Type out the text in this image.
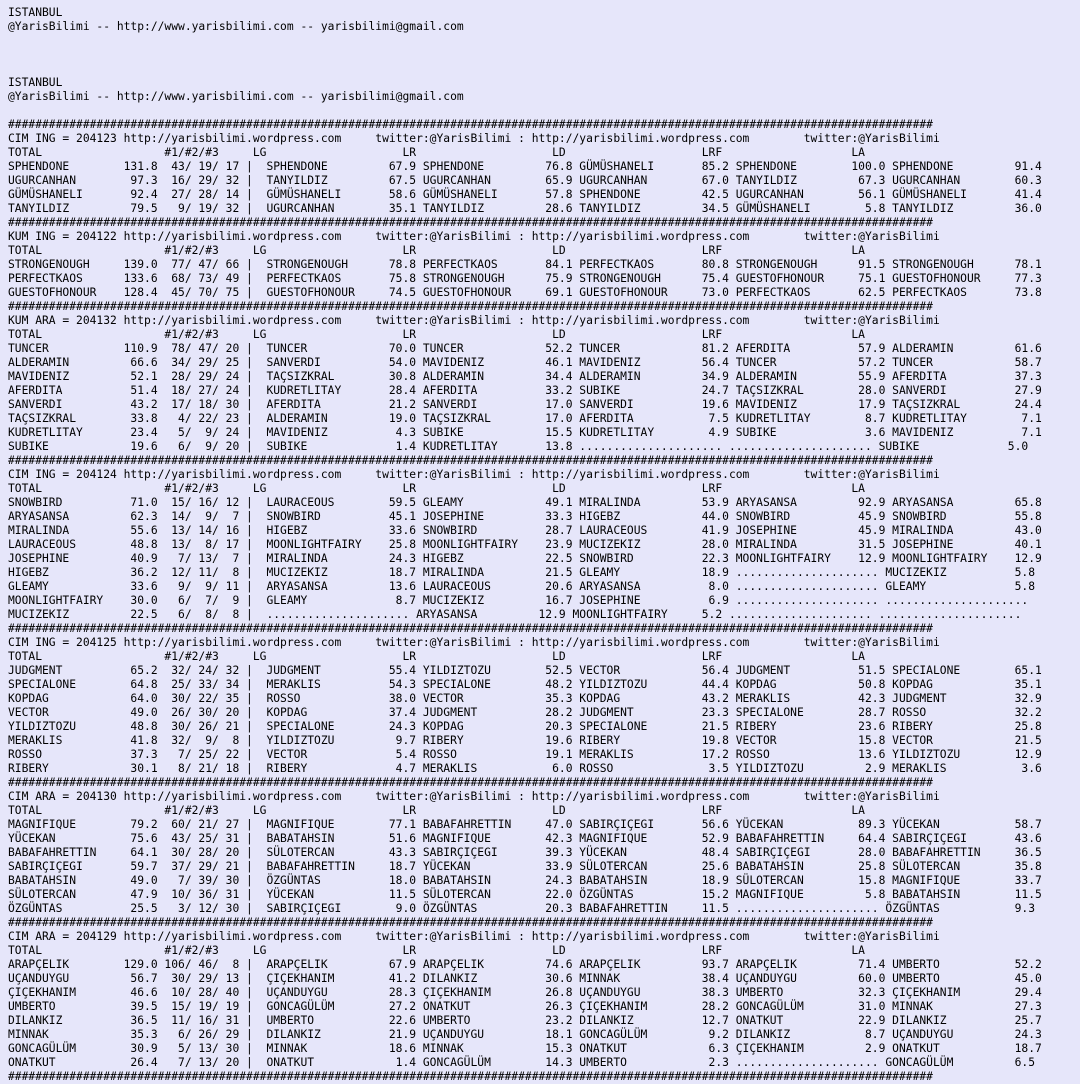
ISTANBUL
@YarisBilimi -- http://www.yarisbilimi.com -- yarisbilimi@gmail.com

ISTANBUL
@YarisBilimi -- http://www.yarisbilimi.com -- yarisbilimi@gmail.com

########################################################################################################################################
CIM ING = 204123 http://yarisbilimi.wordpress.com     twitter:@YarisBilimi : http://yarisbilimi.wordpress.com        twitter:@YarisBilimi
TOTAL                  #1/#2/#3     LG                    LR                    LD                    LRF                   LA
SPHENDONE        131.8  43/ 19/ 17 |  SPHENDONE         67.9 SPHENDONE         76.8 GÜMÜSHANELI       85.2 SPHENDONE        100.0 SPHENDONE         91.4
UGURCANHAN        97.3  16/ 29/ 32 |  TANYILDIZ         67.5 UGURCANHAN        65.9 UGURCANHAN        67.0 TANYILDIZ         67.3 UGURCANHAN        60.3
GÜMÜSHANELI       92.4  27/ 28/ 14 |  GÜMÜSHANELI       58.6 GÜMÜSHANELI       57.8 SPHENDONE         42.5 UGURCANHAN        56.1 GÜMÜSHANELI       41.4
TANYILDIZ         79.5   9/ 19/ 32 |  UGURCANHAN        35.1 TANYILDIZ         28.6 TANYILDIZ         34.5 GÜMÜSHANELI        5.8 TANYILDIZ         36.0
########################################################################################################################################
KUM ING = 204122 http://yarisbilimi.wordpress.com     twitter:@YarisBilimi : http://yarisbilimi.wordpress.com        twitter:@YarisBilimi
TOTAL                  #1/#2/#3     LG                    LR                    LD                    LRF                   LA
STRONGENOUGH     139.0  77/ 47/ 66 |  STRONGENOUGH      78.8 PERFECTKAOS       84.1 PERFECTKAOS       80.8 STRONGENOUGH      91.5 STRONGENOUGH      78.1
PERFECTKAOS      133.6  68/ 73/ 49 |  PERFECTKAOS       75.8 STRONGENOUGH      75.9 STRONGENOUGH      75.4 GUESTOFHONOUR     75.1 GUESTOFHONOUR     77.3
GUESTOFHONOUR    128.4  45/ 70/ 75 |  GUESTOFHONOUR     74.5 GUESTOFHONOUR     69.1 GUESTOFHONOUR     73.0 PERFECTKAOS       62.5 PERFECTKAOS       73.8
########################################################################################################################################
KUM ARA = 204132 http://yarisbilimi.wordpress.com     twitter:@YarisBilimi : http://yarisbilimi.wordpress.com        twitter:@YarisBilimi
TOTAL                  #1/#2/#3     LG                    LR                    LD                    LRF                   LA
TUNCER           110.9  78/ 47/ 20 |  TUNCER            70.0 TUNCER            52.2 TUNCER            81.2 AFERDITA          57.9 ALDERAMIN         61.6
ALDERAMIN         66.6  34/ 29/ 25 |  SANVERDI          54.0 MAVIDENIZ         46.1 MAVIDENIZ         56.4 TUNCER            57.2 TUNCER            58.7
MAVIDENIZ         52.1  28/ 29/ 24 |  TAÇSIZKRAL        30.8 ALDERAMIN         34.4 ALDERAMIN         34.9 ALDERAMIN         55.9 AFERDITA          37.3
AFERDITA          51.4  18/ 27/ 24 |  KUDRETLITAY       28.4 AFERDITA          33.2 SUBIKE            24.7 TAÇSIZKRAL        28.0 SANVERDI          27.9
SANVERDI          43.2  17/ 18/ 30 |  AFERDITA          21.2 SANVERDI          17.0 SANVERDI          19.6 MAVIDENIZ         17.9 TAÇSIZKRAL        24.4
TAÇSIZKRAL        33.8   4/ 22/ 23 |  ALDERAMIN         19.0 TAÇSIZKRAL        17.0 AFERDITA           7.5 KUDRETLITAY        8.7 KUDRETLITAY        7.1
KUDRETLITAY       23.4   5/  9/ 24 |  MAVIDENIZ          4.3 SUBIKE            15.5 KUDRETLITAY        4.9 SUBIKE             3.6 MAVIDENIZ          7.1
SUBIKE            19.6   6/  9/ 20 |  SUBIKE             1.4 KUDRETLITAY       13.8 ..................... ..................... SUBIKE             5.0
########################################################################################################################################
CIM ING = 204124 http://yarisbilimi.wordpress.com     twitter:@YarisBilimi : http://yarisbilimi.wordpress.com        twitter:@YarisBilimi
TOTAL                  #1/#2/#3     LG                    LR                    LD                    LRF                   LA
SNOWBIRD          71.0  15/ 16/ 12 |  LAURACEOUS        59.5 GLEAMY            49.1 MIRALINDA         53.9 ARYASANSA         92.9 ARYASANSA         65.8
ARYASANSA         62.3  14/  9/  7 |  SNOWBIRD          45.1 JOSEPHINE         33.3 HIGEBZ            44.0 SNOWBIRD          45.9 SNOWBIRD          55.8
MIRALINDA         55.6  13/ 14/ 16 |  HIGEBZ            33.6 SNOWBIRD          28.7 LAURACEOUS        41.9 JOSEPHINE         45.9 MIRALINDA         43.0
LAURACEOUS        48.8  13/  8/ 17 |  MOONLIGHTFAIRY    25.8 MOONLIGHTFAIRY    23.9 MUCIZEKIZ         28.0 MIRALINDA         31.5 JOSEPHINE         40.1
JOSEPHINE         40.9   7/ 13/  7 |  MIRALINDA         24.3 HIGEBZ            22.5 SNOWBIRD          22.3 MOONLIGHTFAIRY    12.9 MOONLIGHTFAIRY    12.9
HIGEBZ            36.2  12/ 11/  8 |  MUCIZEKIZ         18.7 MIRALINDA         21.5 GLEAMY            18.9 ..................... MUCIZEKIZ          5.8
GLEAMY            33.6   9/  9/ 11 |  ARYASANSA         13.6 LAURACEOUS        20.6 ARYASANSA          8.0 ..................... GLEAMY             5.8
MOONLIGHTFAIRY    30.0   6/  7/  9 |  GLEAMY             8.7 MUCIZEKIZ         16.7 JOSEPHINE          6.9 ..................... .....................
MUCIZEKIZ         22.5   6/  8/  8 |  ..................... ARYASANSA         12.9 MOONLIGHTFAIRY     5.2 ..................... .....................
########################################################################################################################################
CIM ING = 204125 http://yarisbilimi.wordpress.com     twitter:@YarisBilimi : http://yarisbilimi.wordpress.com        twitter:@YarisBilimi
TOTAL                  #1/#2/#3     LG                    LR                    LD                    LRF                   LA
JUDGMENT          65.2  32/ 24/ 32 |  JUDGMENT          55.4 YILDIZTOZU        52.5 VECTOR            56.4 JUDGMENT          51.5 SPECIALONE        65.1
SPECIALONE        64.8  25/ 33/ 34 |  MERAKLIS          54.3 SPECIALONE        48.2 YILDIZTOZU        44.4 KOPDAG            50.8 KOPDAG            35.1
KOPDAG            64.0  30/ 22/ 35 |  ROSSO             38.0 VECTOR            35.3 KOPDAG            43.2 MERAKLIS          42.3 JUDGMENT          32.9
VECTOR            49.0  26/ 30/ 20 |  KOPDAG            37.4 JUDGMENT          28.2 JUDGMENT          23.3 SPECIALONE        28.7 ROSSO             32.2
YILDIZTOZU        48.8  30/ 26/ 21 |  SPECIALONE        24.3 KOPDAG            20.3 SPECIALONE        21.5 RIBERY            23.6 RIBERY            25.8
MERAKLIS          41.8  32/  9/  8 |  YILDIZTOZU         9.7 RIBERY            19.6 RIBERY            19.8 VECTOR            15.8 VECTOR            21.5
ROSSO             37.3   7/ 25/ 22 |  VECTOR             5.4 ROSSO             19.1 MERAKLIS          17.2 ROSSO             13.6 YILDIZTOZU        12.9
RIBERY            30.1   8/ 21/ 18 |  RIBERY             4.7 MERAKLIS           6.0 ROSSO              3.5 YILDIZTOZU         2.9 MERAKLIS           3.6
########################################################################################################################################
CIM ARA = 204130 http://yarisbilimi.wordpress.com     twitter:@YarisBilimi : http://yarisbilimi.wordpress.com        twitter:@YarisBilimi
TOTAL                  #1/#2/#3     LG                    LR                    LD                    LRF                   LA
MAGNIFIQUE        79.2  60/ 21/ 27 |  MAGNIFIQUE        77.1 BABAFAHRETTIN     47.0 SABIRÇIÇEGI       56.6 YÜCEKAN           89.3 YÜCEKAN           58.7
YÜCEKAN           75.6  43/ 25/ 31 |  BABATAHSIN        51.6 MAGNIFIQUE        42.3 MAGNIFIQUE        52.9 BABAFAHRETTIN     64.4 SABIRÇIÇEGI       43.6
BABAFAHRETTIN     64.1  30/ 28/ 20 |  SÜLOTERCAN        43.3 SABIRÇIÇEGI       39.3 YÜCEKAN           48.4 SABIRÇIÇEGI       28.0 BABAFAHRETTIN     36.5
SABIRÇIÇEGI       59.7  37/ 29/ 21 |  BABAFAHRETTIN     18.7 YÜCEKAN           33.9 SÜLOTERCAN        25.6 BABATAHSIN        25.8 SÜLOTERCAN        35.8
BABATAHSIN        49.0   7/ 39/ 30 |  ÖZGÜNTAS          18.0 BABATAHSIN        24.3 BABATAHSIN        18.9 SÜLOTERCAN        15.8 MAGNIFIQUE        33.7
SÜLOTERCAN        47.9  10/ 36/ 31 |  YÜCEKAN           11.5 SÜLOTERCAN        22.0 ÖZGÜNTAS          15.2 MAGNIFIQUE         5.8 BABATAHSIN        11.5
ÖZGÜNTAS          25.5   3/ 12/ 30 |  SABIRÇIÇEGI        9.0 ÖZGÜNTAS          20.3 BABAFAHRETTIN     11.5 ..................... ÖZGÜNTAS           9.3
########################################################################################################################################
CIM ARA = 204129 http://yarisbilimi.wordpress.com     twitter:@YarisBilimi : http://yarisbilimi.wordpress.com        twitter:@YarisBilimi
TOTAL                  #1/#2/#3     LG                    LR                    LD                    LRF                   LA
ARAPÇELIK        129.0 106/ 46/  8 |  ARAPÇELIK         67.9 ARAPÇELIK         74.6 ARAPÇELIK         93.7 ARAPÇELIK         71.4 UMBERTO           52.2
UÇANDUYGU         56.7  30/ 29/ 13 |  ÇIÇEKHANIM        41.2 DILANKIZ          30.6 MINNAK            38.4 UÇANDUYGU         60.0 UMBERTO           45.0
ÇIÇEKHANIM        46.6  10/ 28/ 40 |  UÇANDUYGU         28.3 ÇIÇEKHANIM        26.8 UÇANDUYGU         38.3 UMBERTO           32.3 ÇIÇEKHANIM        29.4
UMBERTO           39.5  15/ 19/ 19 |  GONCAGÜLÜM        27.2 ONATKUT           26.3 ÇIÇEKHANIM        28.2 GONCAGÜLÜM        31.0 MINNAK            27.3
DILANKIZ          36.5  11/ 16/ 31 |  UMBERTO           22.6 UMBERTO           23.2 DILANKIZ          12.7 ONATKUT           22.9 DILANKIZ          25.7
MINNAK            35.3   6/ 26/ 29 |  DILANKIZ          21.9 UÇANDUYGU         18.1 GONCAGÜLÜM         9.2 DILANKIZ           8.7 UÇANDUYGU         24.3
GONCAGÜLÜM        30.9   5/ 13/ 30 |  MINNAK            18.6 MINNAK            15.3 ONATKUT            6.3 ÇIÇEKHANIM         2.9 ONATKUT           18.7
ONATKUT           26.4   7/ 13/ 20 |  ONATKUT            1.4 GONCAGÜLÜM        14.3 UMBERTO            2.3 ..................... GONCAGÜLÜM         6.5
########################################################################################################################################
